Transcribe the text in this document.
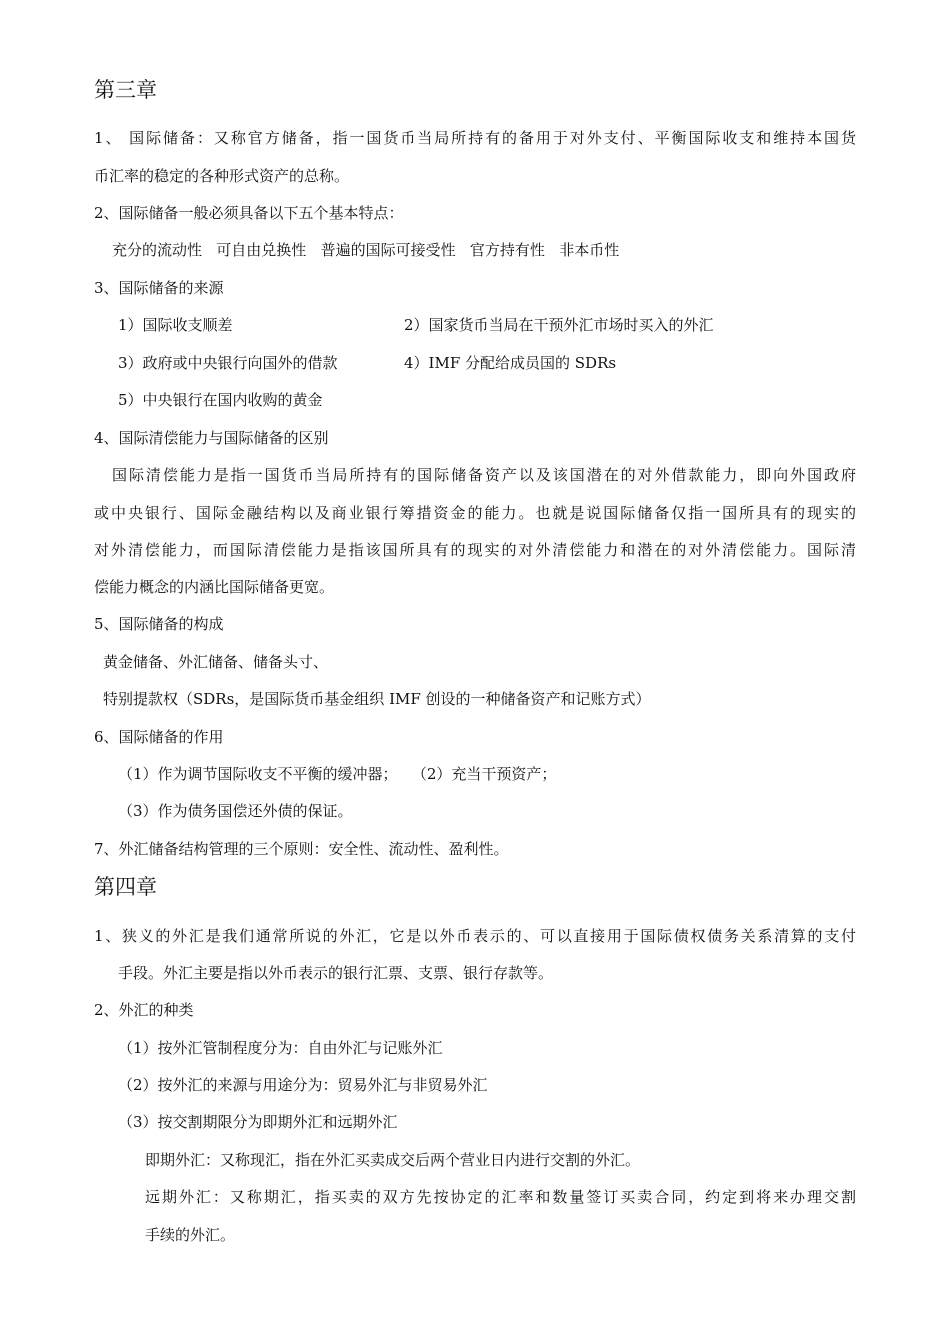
第三章
1、 国际储备：又称官方储备，指一国货币当局所持有的备用于对外支付、平衡国际收支和维持本国货
币汇率的稳定的各种形式资产的总称。
2、国际储备一般必须具备以下五个基本特点：
充分的流动性   可自由兑换性   普遍的国际可接受性   官方持有性   非本币性
3、国际储备的来源
1）国际收支顺差	2）国家货币当局在干预外汇市场时买入的外汇
3）政府或中央银行向国外的借款	4）IMF 分配给成员国的 SDRs
5）中央银行在国内收购的黄金
4、国际清偿能力与国际储备的区别
国际清偿能力是指一国货币当局所持有的国际储备资产以及该国潜在的对外借款能力，即向外国政府
或中央银行、国际金融结构以及商业银行筹措资金的能力。也就是说国际储备仅指一国所具有的现实的
对外清偿能力，而国际清偿能力是指该国所具有的现实的对外清偿能力和潜在的对外清偿能力。国际清
偿能力概念的内涵比国际储备更宽。
5、国际储备的构成
黄金储备、外汇储备、储备头寸、
特别提款权（SDRs，是国际货币基金组织 IMF 创设的一种储备资产和记账方式）
6、国际储备的作用
（1）作为调节国际收支不平衡的缓冲器；   （2）充当干预资产；
（3）作为债务国偿还外债的保证。
7、外汇储备结构管理的三个原则：安全性、流动性、盈利性。
第四章
1、狭义的外汇是我们通常所说的外汇，它是以外币表示的、可以直接用于国际债权债务关系清算的支付
手段。外汇主要是指以外币表示的银行汇票、支票、银行存款等。
2、外汇的种类
（1）按外汇管制程度分为：自由外汇与记账外汇
（2）按外汇的来源与用途分为：贸易外汇与非贸易外汇
（3）按交割期限分为即期外汇和远期外汇
即期外汇：又称现汇，指在外汇买卖成交后两个营业日内进行交割的外汇。
远期外汇：又称期汇，指买卖的双方先按协定的汇率和数量签订买卖合同，约定到将来办理交割
手续的外汇。
